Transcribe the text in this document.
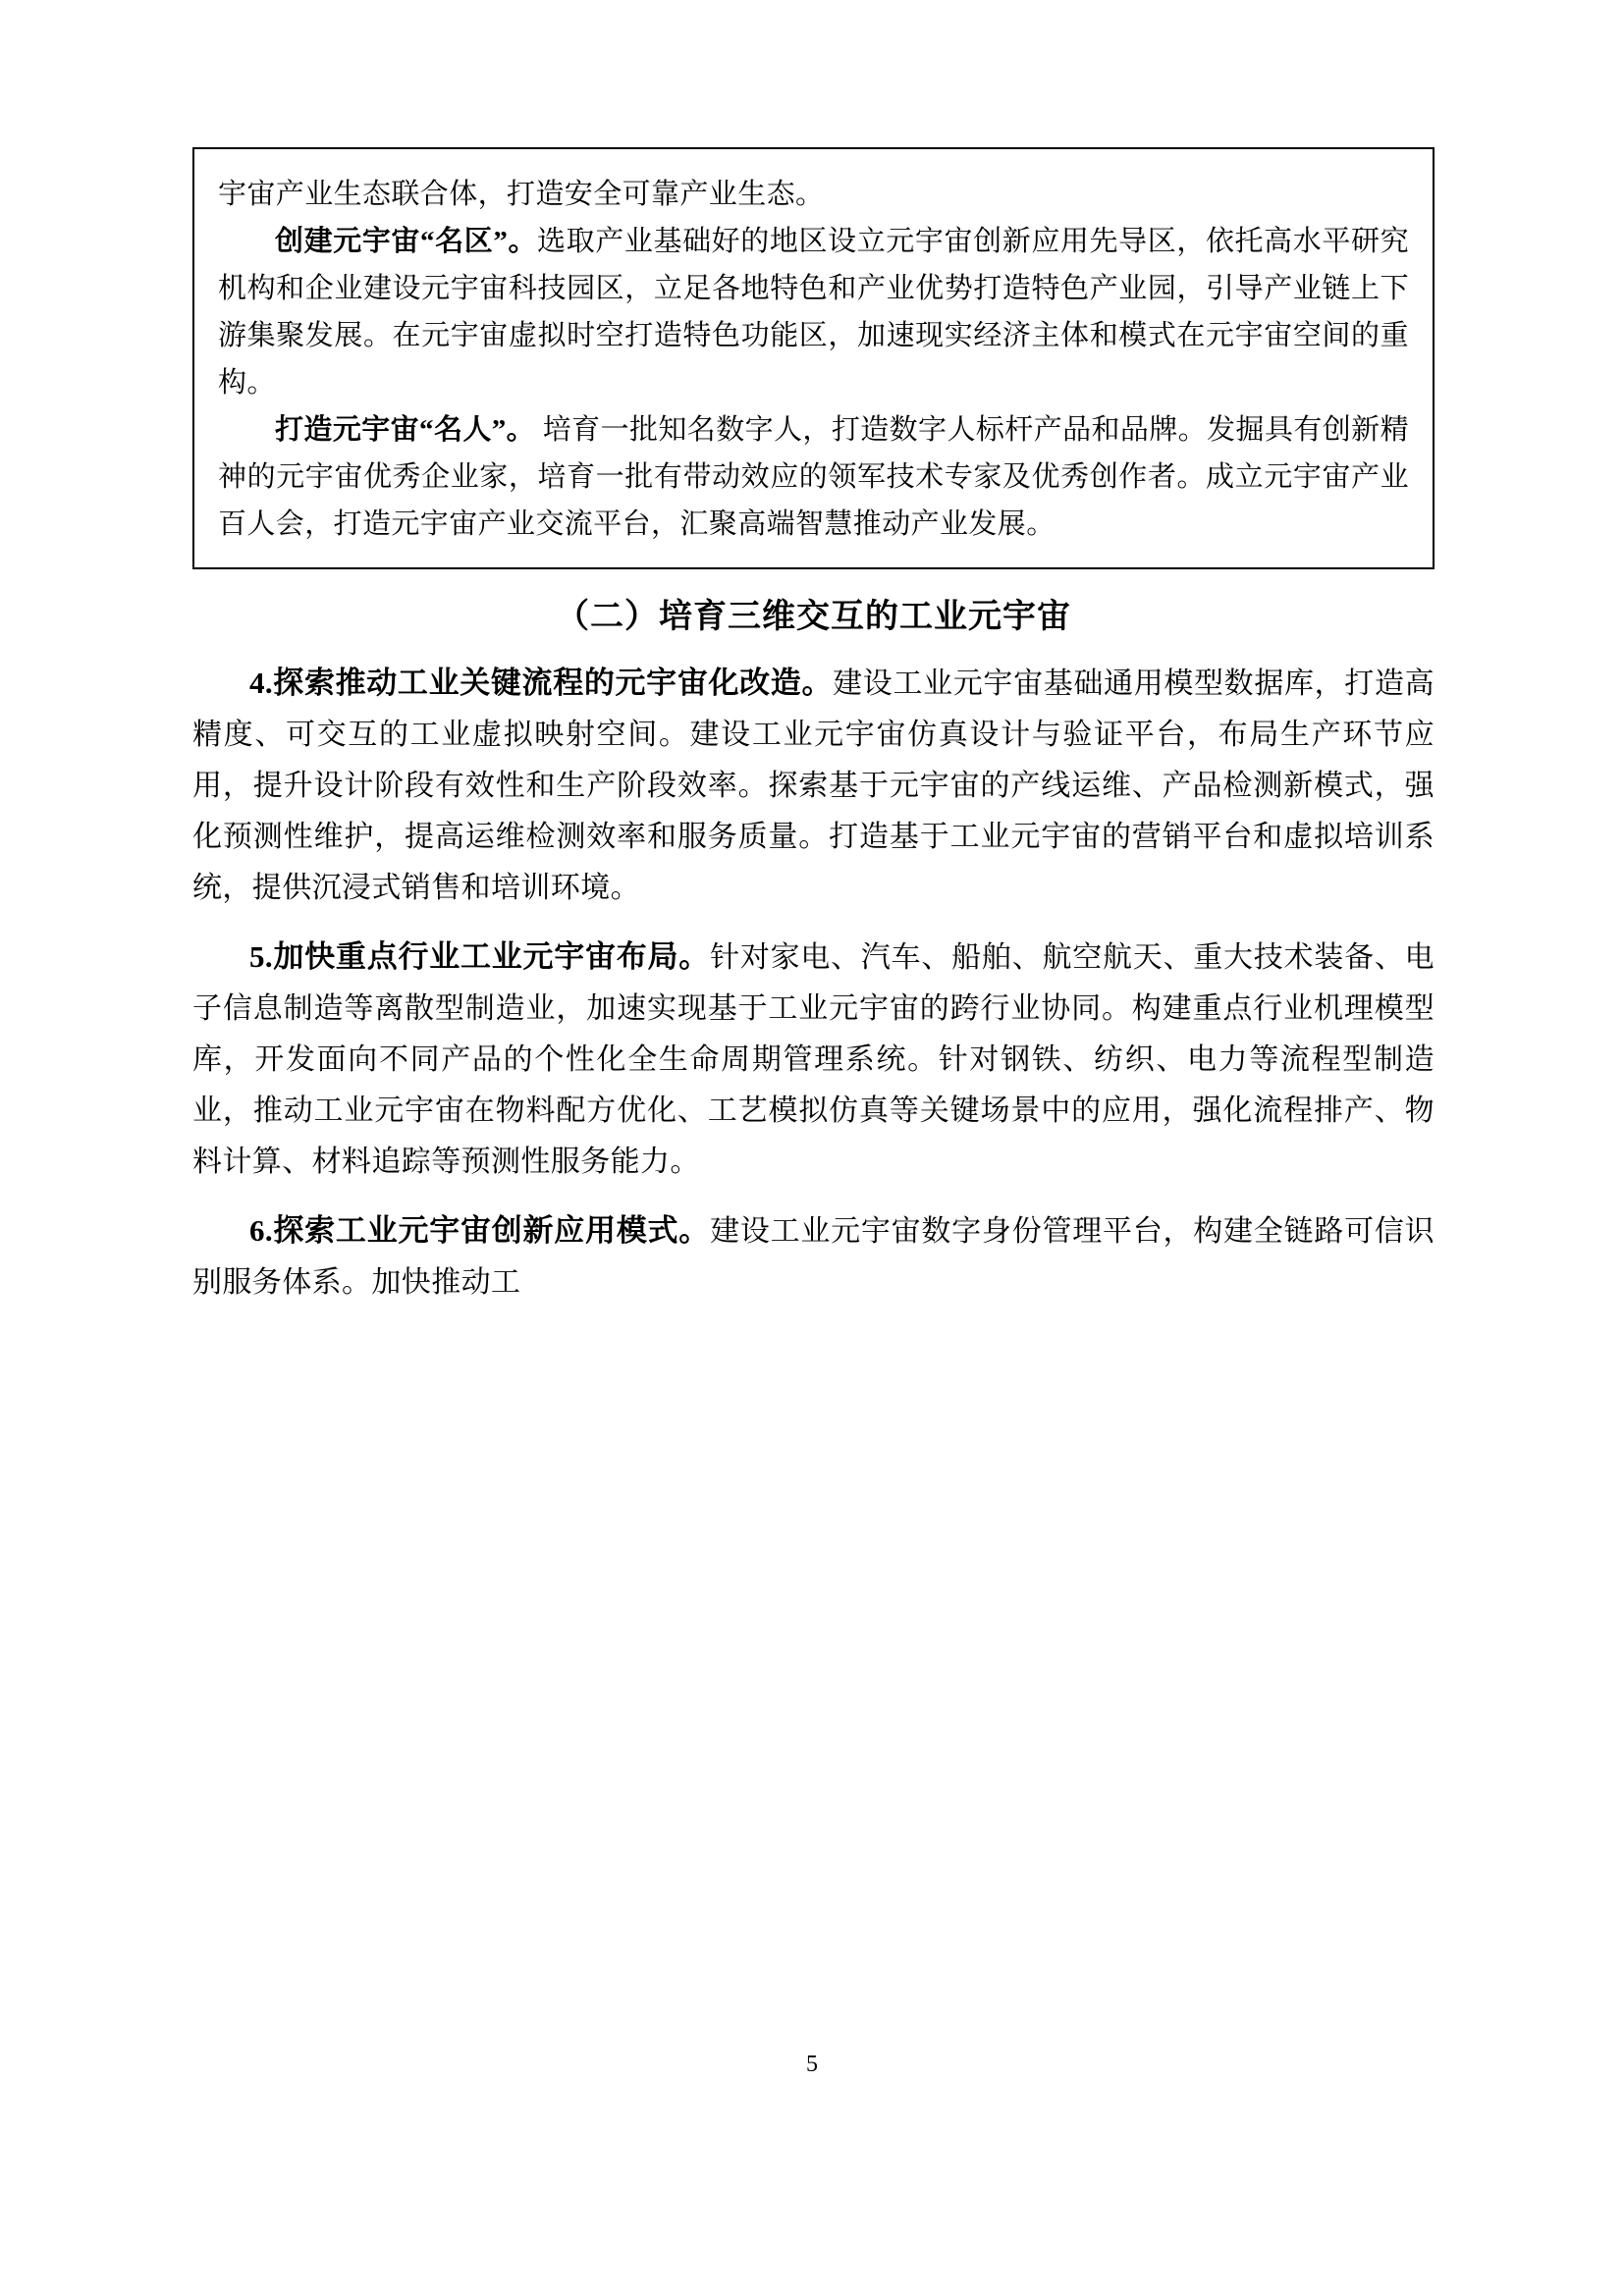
宇宙产业生态联合体，打造安全可靠产业生态。

创建元宇宙“名区”。选取产业基础好的地区设立元宇宙创新应用先导区，依托高水平研究机构和企业建设元宇宙科技园区，立足各地特色和产业优势打造特色产业园，引导产业链上下游集聚发展。在元宇宙虚拟时空打造特色功能区，加速现实经济主体和模式在元宇宙空间的重构。

打造元宇宙“名人”。 培育一批知名数字人，打造数字人标杆产品和品牌。发掘具有创新精神的元宇宙优秀企业家，培育一批有带动效应的领军技术专家及优秀创作者。成立元宇宙产业百人会，打造元宇宙产业交流平台，汇聚高端智慧推动产业发展。

（二）培育三维交互的工业元宇宙

4.探索推动工业关键流程的元宇宙化改造。建设工业元宇宙基础通用模型数据库，打造高精度、可交互的工业虚拟映射空间。建设工业元宇宙仿真设计与验证平台，布局生产环节应用，提升设计阶段有效性和生产阶段效率。探索基于元宇宙的产线运维、产品检测新模式，强化预测性维护，提高运维检测效率和服务质量。打造基于工业元宇宙的营销平台和虚拟培训系统，提供沉浸式销售和培训环境。

5.加快重点行业工业元宇宙布局。针对家电、汽车、船舶、航空航天、重大技术装备、电子信息制造等离散型制造业，加速实现基于工业元宇宙的跨行业协同。构建重点行业机理模型库，开发面向不同产品的个性化全生命周期管理系统。针对钢铁、纺织、电力等流程型制造业，推动工业元宇宙在物料配方优化、工艺模拟仿真等关键场景中的应用，强化流程排产、物料计算、材料追踪等预测性服务能力。

6.探索工业元宇宙创新应用模式。建设工业元宇宙数字身份管理平台，构建全链路可信识别服务体系。加快推动工

5
